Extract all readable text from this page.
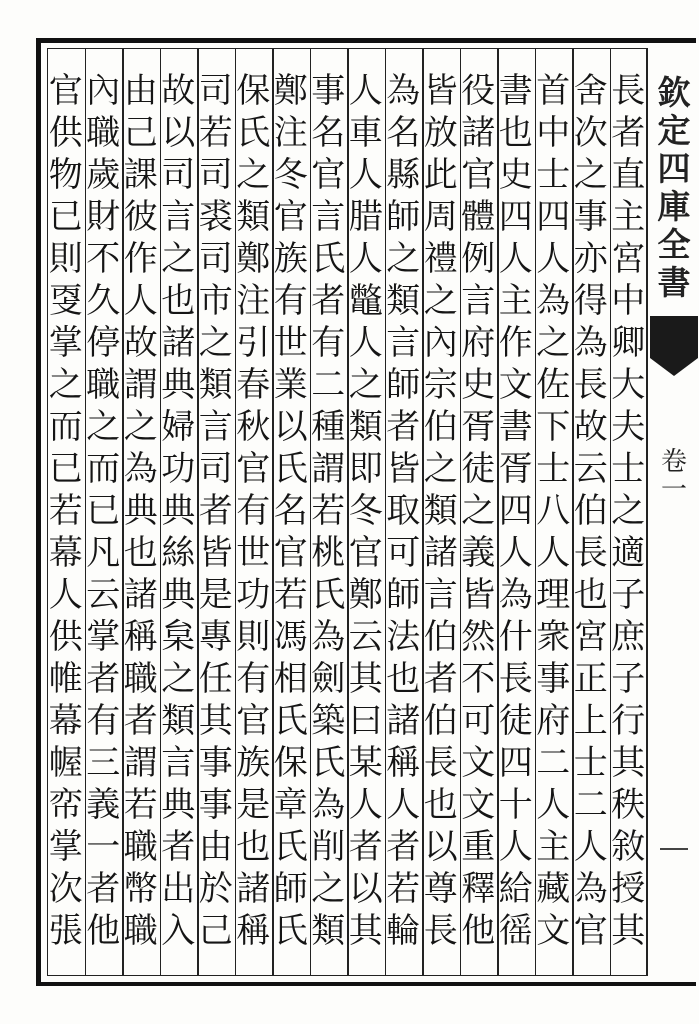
長
者
直
主
宮
中
卿
大
夫
士
之
適
子
庶
子
行
其
秩
敘
授
其
舍
次
之
事
亦
得
為
長
故
云
伯
長
也
宮
正
上
士
二
人
為
官
首
中
士
四
人
為
之
佐
下
士
八
人
理
衆
事
府
二
人
主
藏
文
書
也
史
四
人
主
作
文
書
胥
四
人
為
什
長
徒
四
十
人
給
徭
役
諸
官
體
例
言
府
史
胥
徒
之
義
皆
然
不
可
文
文
重
釋
他
皆
放
此
周
禮
之
內
宗
伯
之
類
諸
言
伯
者
伯
長
也
以
尊
長
為
名
縣
師
之
類
言
師
者
皆
取
可
師
法
也
諸
稱
人
者
若
輪
人
車
人
腊
人
鼈
人
之
類
即
冬
官
鄭
云
其
曰
某
人
者
以
其
事
名
官
言
氏
者
有
二
種
謂
若
桃
氏
為
劍
築
氏
為
削
之
類
鄭
注
冬
官
族
有
世
業
以
氏
名
官
若
馮
相
氏
保
章
氏
師
氏
保
氏
之
類
鄭
注
引
春
秋
官
有
世
功
則
有
官
族
是
也
諸
稱
司
若
司
裘
司
市
之
類
言
司
者
皆
是
專
任
其
事
事
由
於
己
故
以
司
言
之
也
諸
典
婦
功
典
絲
典
枲
之
類
言
典
者
出
入
由
己
課
彼
作
人
故
謂
之
為
典
也
諸
稱
職
者
謂
若
職
幣
職
內
職
歲
財
不
久
停
職
之
而
已
凡
云
掌
者
有
三
義
一
者
他
官
供
物
已
則
㪅
掌
之
而
已
若
幕
人
供
帷
幕
幄
帟
掌
次
張
欽
定
四
庫
全
書
卷
一
